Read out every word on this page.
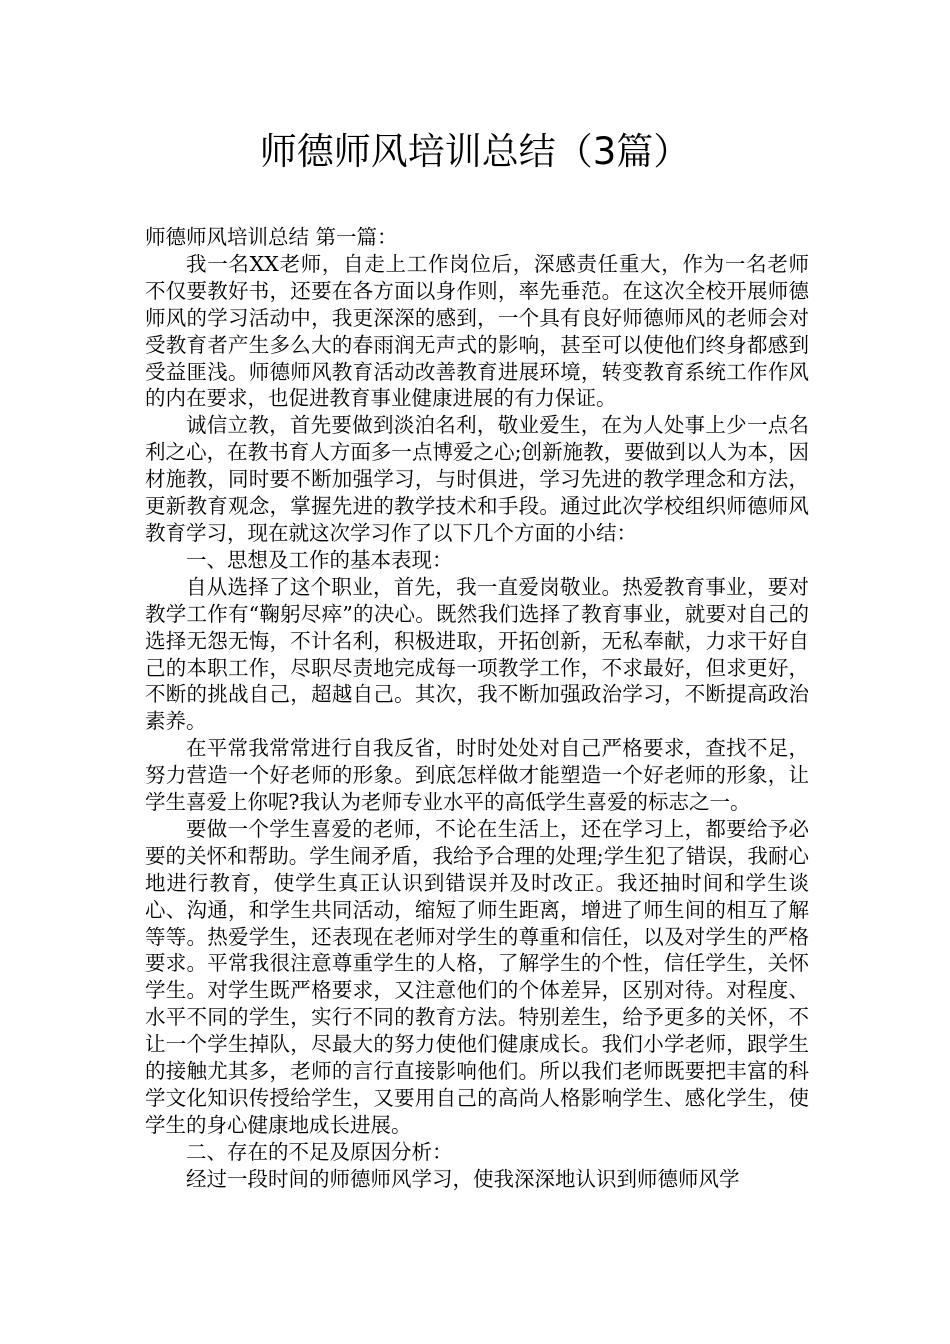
师德师风培训总结（3篇）

师德师风培训总结 第一篇：

我一名XX老师，自走上工作岗位后，深感责任重大，作为一名老师不仅要教好书，还要在各方面以身作则，率先垂范。在这次全校开展师德师风的学习活动中，我更深深的感到，一个具有良好师德师风的老师会对受教育者产生多么大的春雨润无声式的影响，甚至可以使他们终身都感到受益匪浅。师德师风教育活动改善教育进展环境，转变教育系统工作作风的内在要求，也促进教育事业健康进展的有力保证。

诚信立教，首先要做到淡泊名利，敬业爱生，在为人处事上少一点名利之心，在教书育人方面多一点博爱之心;创新施教，要做到以人为本，因材施教，同时要不断加强学习，与时俱进，学习先进的教学理念和方法，更新教育观念，掌握先进的教学技术和手段。通过此次学校组织师德师风教育学习，现在就这次学习作了以下几个方面的小结：

一、思想及工作的基本表现：

自从选择了这个职业，首先，我一直爱岗敬业。热爱教育事业，要对教学工作有“鞠躬尽瘁”的决心。既然我们选择了教育事业，就要对自己的选择无怨无悔，不计名利，积极进取，开拓创新，无私奉献，力求干好自己的本职工作，尽职尽责地完成每一项教学工作，不求最好，但求更好，不断的挑战自己，超越自己。其次，我不断加强政治学习，不断提高政治素养。

在平常我常常进行自我反省，时时处处对自己严格要求，查找不足，努力营造一个好老师的形象。到底怎样做才能塑造一个好老师的形象，让学生喜爱上你呢?我认为老师专业水平的高低学生喜爱的标志之一。

要做一个学生喜爱的老师，不论在生活上，还在学习上，都要给予必要的关怀和帮助。学生闹矛盾，我给予合理的处理;学生犯了错误，我耐心地进行教育，使学生真正认识到错误并及时改正。我还抽时间和学生谈心、沟通，和学生共同活动，缩短了师生距离，增进了师生间的相互了解等等。热爱学生，还表现在老师对学生的尊重和信任，以及对学生的严格要求。平常我很注意尊重学生的人格，了解学生的个性，信任学生，关怀学生。对学生既严格要求，又注意他们的个体差异，区别对待。对程度、水平不同的学生，实行不同的教育方法。特别差生，给予更多的关怀，不让一个学生掉队，尽最大的努力使他们健康成长。我们小学老师，跟学生的接触尤其多，老师的言行直接影响他们。所以我们老师既要把丰富的科学文化知识传授给学生，又要用自己的高尚人格影响学生、感化学生，使学生的身心健康地成长进展。

二、存在的不足及原因分析：

经过一段时间的师德师风学习，使我深深地认识到师德师风学
